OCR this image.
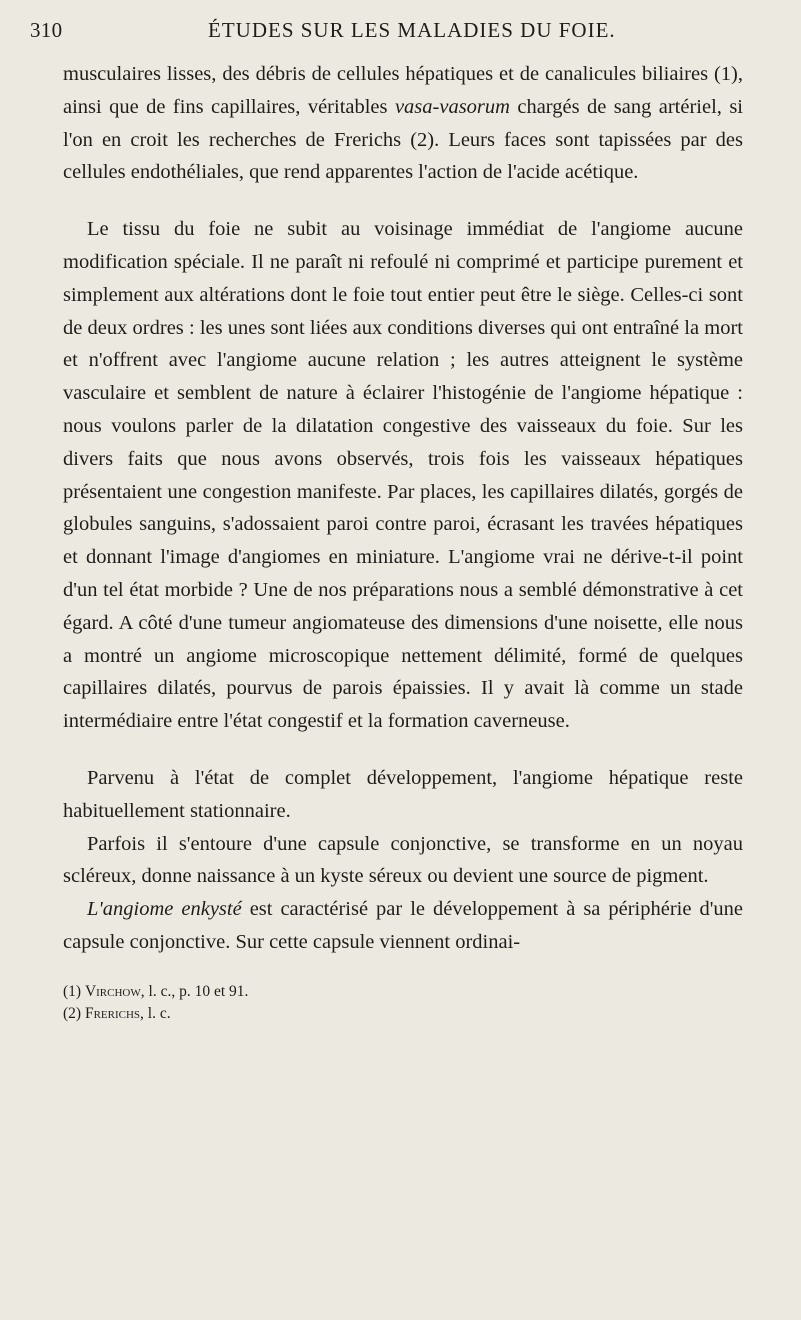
310	ÉTUDES SUR LES MALADIES DU FOIE.

musculaires lisses, des débris de cellules hépatiques et de canalicules biliaires (1), ainsi que de fins capillaires, véritables vasa-vasorum chargés de sang artériel, si l'on en croit les recherches de Frerichs (2). Leurs faces sont tapissées par des cellules endothéliales, que rend apparentes l'action de l'acide acétique.

Le tissu du foie ne subit au voisinage immédiat de l'angiome aucune modification spéciale. Il ne paraît ni refoulé ni comprimé et participe purement et simplement aux altérations dont le foie tout entier peut être le siège. Celles-ci sont de deux ordres : les unes sont liées aux conditions diverses qui ont entraîné la mort et n'offrent avec l'angiome aucune relation ; les autres atteignent le système vasculaire et semblent de nature à éclairer l'histogénie de l'angiome hépatique : nous voulons parler de la dilatation congestive des vaisseaux du foie. Sur les divers faits que nous avons observés, trois fois les vaisseaux hépatiques présentaient une congestion manifeste. Par places, les capillaires dilatés, gorgés de globules sanguins, s'adossaient paroi contre paroi, écrasant les travées hépatiques et donnant l'image d'angiomes en miniature. L'angiome vrai ne dérive-t-il point d'un tel état morbide ? Une de nos préparations nous a semblé démonstrative à cet égard. A côté d'une tumeur angiomateuse des dimensions d'une noisette, elle nous a montré un angiome microscopique nettement délimité, formé de quelques capillaires dilatés, pourvus de parois épaissies. Il y avait là comme un stade intermédiaire entre l'état congestif et la formation caverneuse.

Parvenu à l'état de complet développement, l'angiome hépatique reste habituellement stationnaire.

Parfois il s'entoure d'une capsule conjonctive, se transforme en un noyau scléreux, donne naissance à un kyste séreux ou devient une source de pigment.

L'angiome enkysté est caractérisé par le développement à sa périphérie d'une capsule conjonctive. Sur cette capsule viennent ordinai-

(1) Virchow, l. c., p. 10 et 91.
(2) Frerichs, l. c.
